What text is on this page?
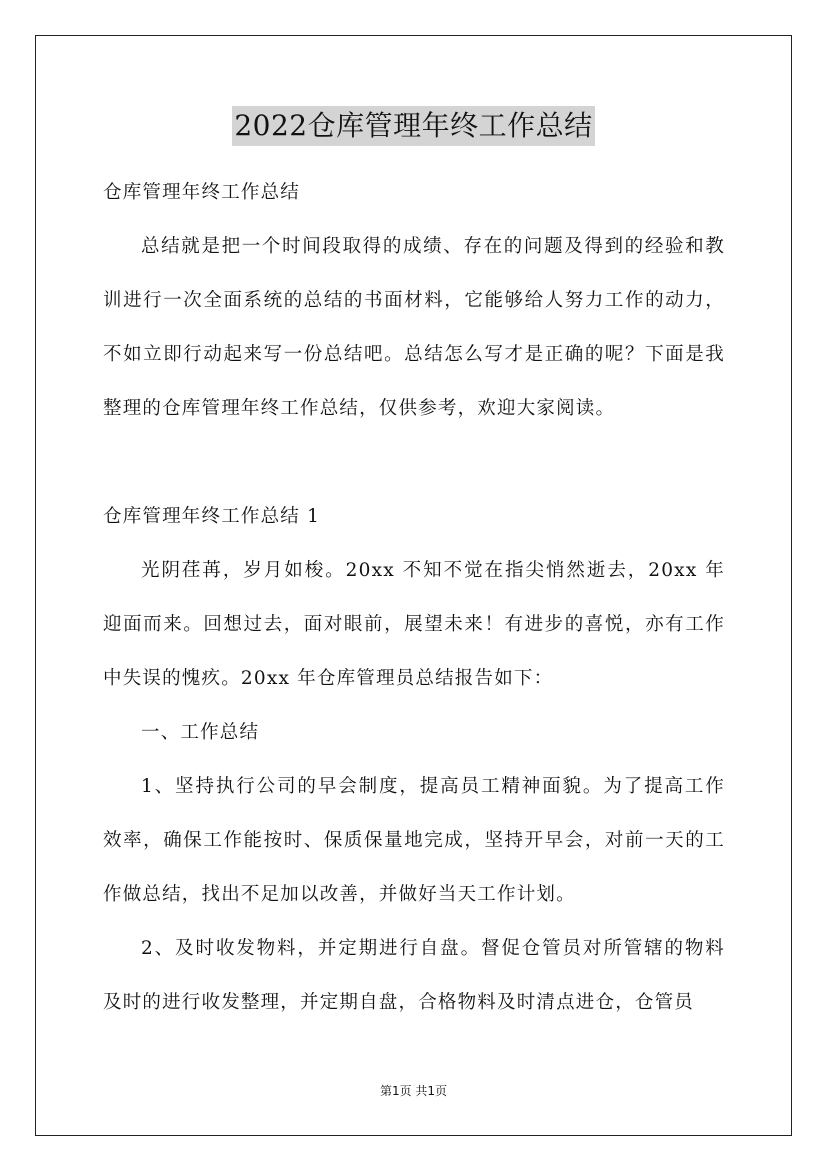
2022仓库管理年终工作总结

仓库管理年终工作总结

总结就是把一个时间段取得的成绩、存在的问题及得到的经验和教训进行一次全面系统的总结的书面材料，它能够给人努力工作的动力，不如立即行动起来写一份总结吧。总结怎么写才是正确的呢？下面是我整理的仓库管理年终工作总结，仅供参考，欢迎大家阅读。

仓库管理年终工作总结 1

光阴荏苒，岁月如梭。20xx 不知不觉在指尖悄然逝去，20xx 年迎面而来。回想过去，面对眼前，展望未来！有进步的喜悦，亦有工作中失误的愧疚。20xx 年仓库管理员总结报告如下：

一、工作总结

1、坚持执行公司的早会制度，提高员工精神面貌。为了提高工作效率，确保工作能按时、保质保量地完成，坚持开早会，对前一天的工作做总结，找出不足加以改善，并做好当天工作计划。

2、及时收发物料，并定期进行自盘。督促仓管员对所管辖的物料及时的进行收发整理，并定期自盘，合格物料及时清点进仓，仓管员

第1页 共1页
